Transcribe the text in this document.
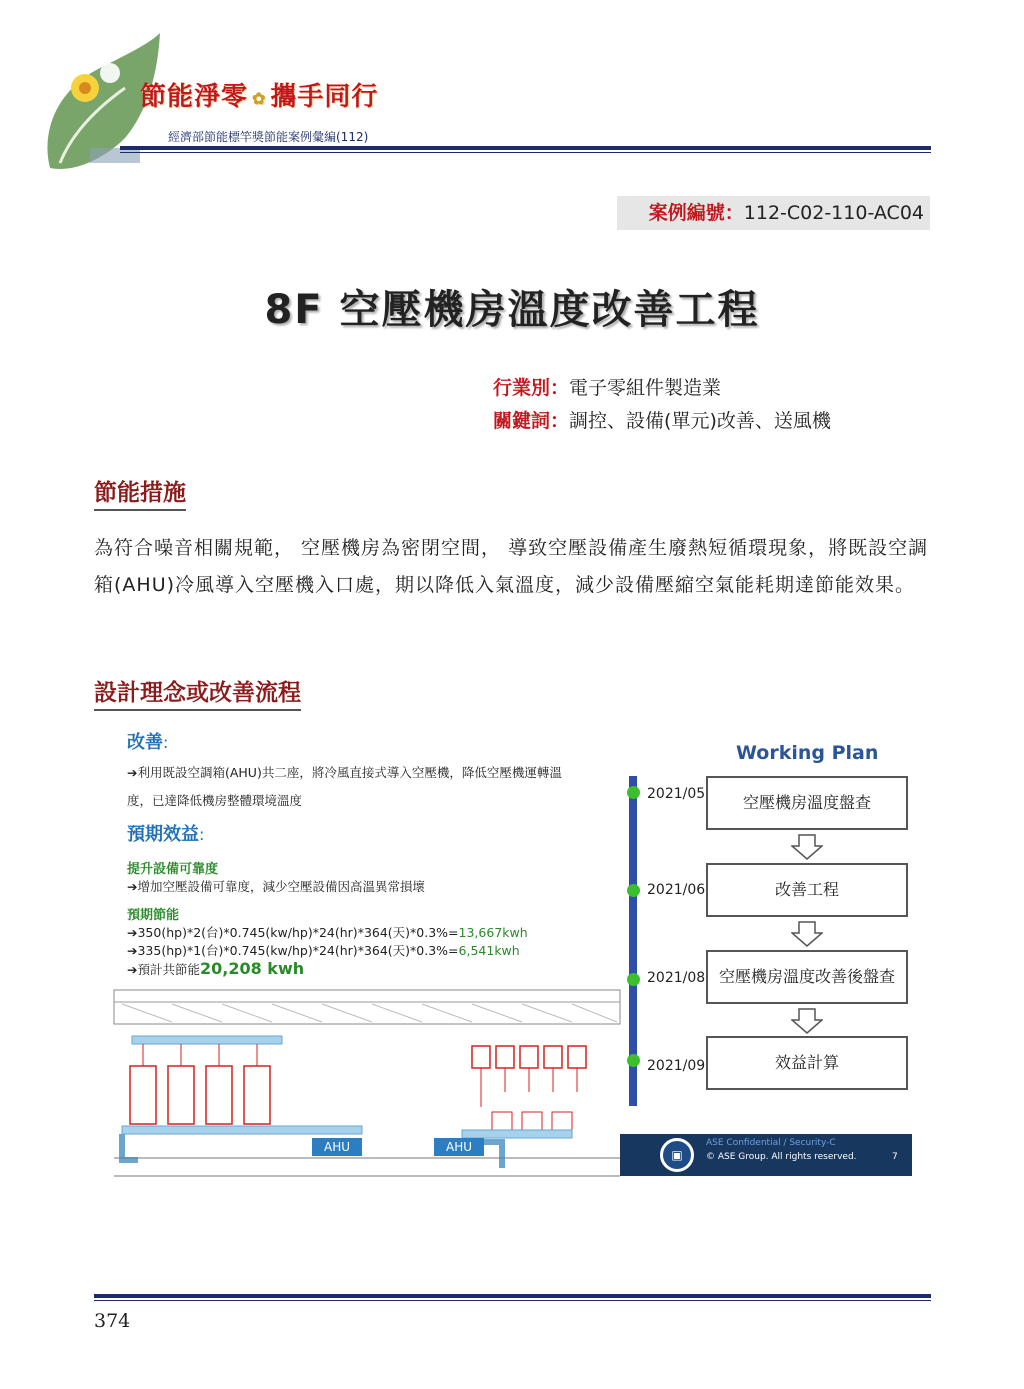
節能淨零 ✿ 攜手同行
經濟部節能標竿獎節能案例彙編(112)
案例編號：112-C02-110-AC04
8F 空壓機房溫度改善工程
行業別：電子零組件製造業
關鍵詞：調控、設備(單元)改善、送風機
節能措施
為符合噪音相關規範， 空壓機房為密閉空間， 導致空壓設備產生廢熱短循環現象，將既設空調箱(AHU)冷風導入空壓機入口處，期以降低入氣溫度，減少設備壓縮空氣能耗期達節能效果。
設計理念或改善流程
改善:
➔利用既設空調箱(AHU)共二座，將冷風直接式導入空壓機，降低空壓機運轉溫
度，已達降低機房整體環境溫度
預期效益:
提升設備可靠度
➔增加空壓設備可靠度，減少空壓設備因高溫異常損壞
預期節能
➔350(hp)*2(台)*0.745(kw/hp)*24(hr)*364(天)*0.3%=13,667kwh
➔335(hp)*1(台)*0.745(kw/hp)*24(hr)*364(天)*0.3%=6,541kwh
➔預計共節能20,208 kwh
AHU	AHU
2021/05
2021/06
2021/08
2021/09
Working Plan
空壓機房溫度盤查
改善工程
空壓機房溫度改善後盤查
效益計算
▣
ASE Confidential / Security-C
© ASE Group. All rights reserved.	7
374
